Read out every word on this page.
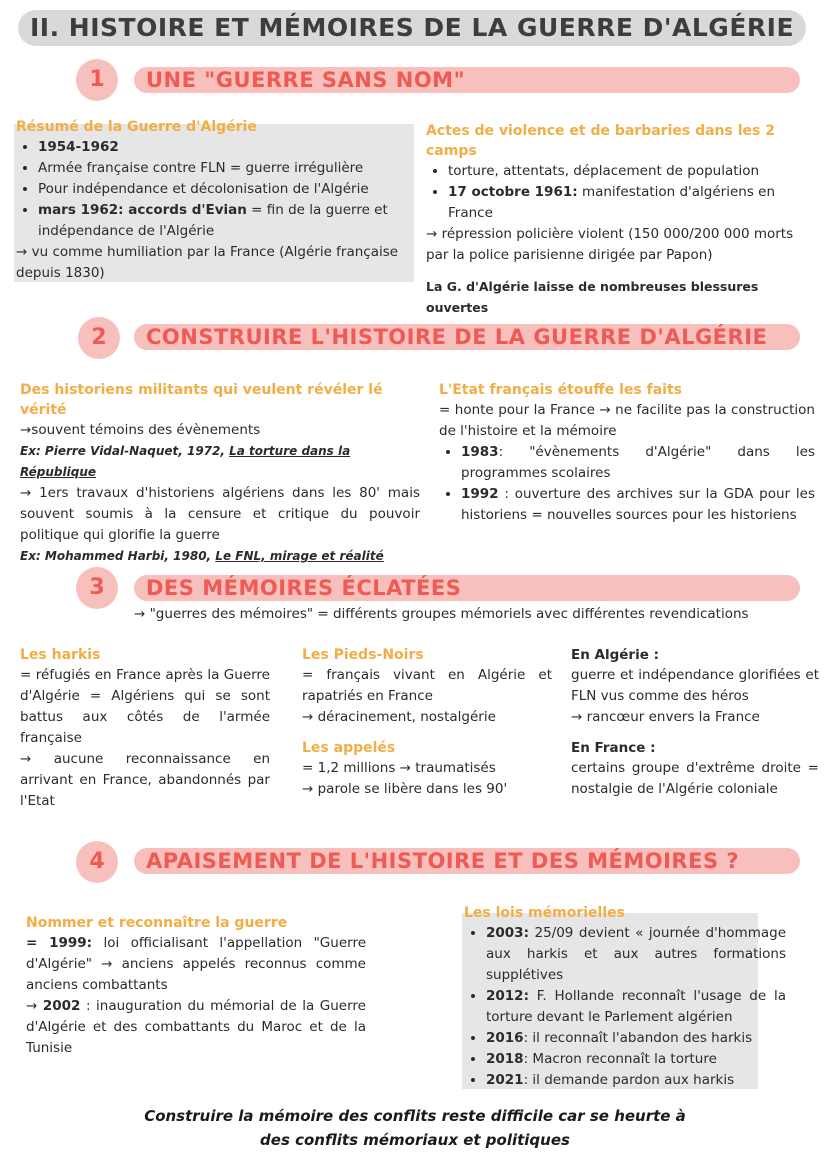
II. HISTOIRE ET MÉMOIRES DE LA GUERRE D'ALGÉRIE
1	UNE "GUERRE SANS NOM"
Résumé de la Guerre d'Algérie
• 1954-1962
• Armée française contre FLN = guerre irrégulière
• Pour indépendance et décolonisation de l'Algérie
• mars 1962: accords d'Evian = fin de la guerre et indépendance de l'Algérie
→ vu comme humiliation par la France (Algérie française depuis 1830)
Actes de violence et de barbaries dans les 2 camps
• torture, attentats, déplacement de population
• 17 octobre 1961: manifestation d'algériens en France
→ répression policière violent (150 000/200 000 morts par la police parisienne dirigée par Papon)
La G. d'Algérie laisse de nombreuses blessures ouvertes
2	CONSTRUIRE L'HISTOIRE DE LA GUERRE D'ALGÉRIE
Des historiens militants qui veulent révéler lé vérité
→souvent témoins des évènements
Ex: Pierre Vidal-Naquet, 1972, La torture dans la République
→ 1ers travaux d'historiens algériens dans les 80' mais souvent soumis à la censure et critique du pouvoir politique qui glorifie la guerre
Ex: Mohammed Harbi, 1980, Le FNL, mirage et réalité
L'Etat français étouffe les faits
= honte pour la France → ne facilite pas la construction de l'histoire et la mémoire
• 1983: "évènements d'Algérie" dans les programmes scolaires
• 1992 : ouverture des archives sur la GDA pour les historiens = nouvelles sources pour les historiens
3	DES MÉMOIRES ÉCLATÉES
→ "guerres des mémoires" = différents groupes mémoriels avec différentes revendications
Les harkis
= réfugiés en France après la Guerre d'Algérie = Algériens qui se sont battus aux côtés de l'armée française
→ aucune reconnaissance en arrivant en France, abandonnés par l'Etat
Les Pieds-Noirs
= français vivant en Algérie et rapatriés en France
→ déracinement, nostalgérie
Les appelés
= 1,2 millions → traumatisés
→ parole se libère dans les 90'
En Algérie :
guerre et indépendance glorifiées et FLN vus comme des héros
→ rancœur envers la France
En France :
certains groupe d'extrême droite = nostalgie de l'Algérie coloniale
4	APAISEMENT DE L'HISTOIRE ET DES MÉMOIRES ?
Nommer et reconnaître la guerre
= 1999: loi officialisant l'appellation "Guerre d'Algérie" → anciens appelés reconnus comme anciens combattants
→ 2002 : inauguration du mémorial de la Guerre d'Algérie et des combattants du Maroc et de la Tunisie
Les lois mémorielles
• 2003: 25/09 devient « journée d'hommage aux harkis et aux autres formations supplétives
• 2012: F. Hollande reconnaît l'usage de la torture devant le Parlement algérien
• 2016: il reconnaît l'abandon des harkis
• 2018: Macron reconnaît la torture
• 2021: il demande pardon aux harkis
Construire la mémoire des conflits reste difficile car se heurte à
des conflits mémoriaux et politiques
